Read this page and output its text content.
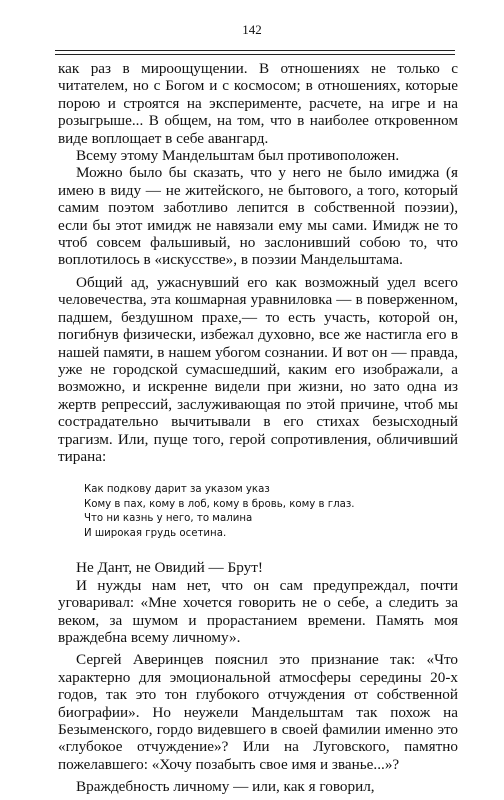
142

как раз в мироощущении. В отношениях не только с читателем, но с Богом и с космосом; в отношениях, которые порою и строятся на эксперименте, расчете, на игре и на розыгрыше... В общем, на том, что в наиболее откровенном виде воплощает в себе авангард.

Всему этому Мандельштам был противоположен.

Можно было бы сказать, что у него не было имиджа (я имею в виду — не житейского, не бытового, а того, который самим поэтом заботливо лепится в собственной поэзии), если бы этот имидж не навязали ему мы сами. Имидж не то чтоб совсем фальшивый, но заслонивший собою то, что воплотилось в «искусстве», в поэзии Мандельштама.

Общий ад, ужаснувший его как возможный удел всего человечества, эта кошмарная уравниловка — в поверженном, падшем, бездушном прахе,— то есть участь, которой он, погибнув физически, избежал духовно, все же настигла его в нашей памяти, в нашем убогом сознании. И вот он — правда, уже не городской сумасшедший, каким его изображали, а возможно, и искренне видели при жизни, но зато одна из жертв репрессий, заслуживающая по этой причине, чтоб мы сострадательно вычитывали в его стихах безысходный трагизм. Или, пуще того, герой сопротивления, обличивший тирана:

Как подкову дарит за указом указ
Кому в пах, кому в лоб, кому в бровь, кому в глаз.
Что ни казнь у него, то малина
И широкая грудь осетина.

Не Дант, не Овидий — Брут!

И нужды нам нет, что он сам предупреждал, почти уговаривал: «Мне хочется говорить не о себе, а следить за веком, за шумом и прорастанием времени. Память моя враждебна всему личному».

Сергей Аверинцев пояснил это признание так: «Что характерно для эмоциональной атмосферы середины 20-х годов, так это тон глубокого отчуждения от собственной биографии». Но неужели Мандельштам так похож на Безыменского, гордо видевшего в своей фамилии именно это «глубокое отчуждение»? Или на Луговского, памятно пожелавшего: «Хочу позабыть свое имя и званье...»?

Враждебность личному — или, как я говорил,
